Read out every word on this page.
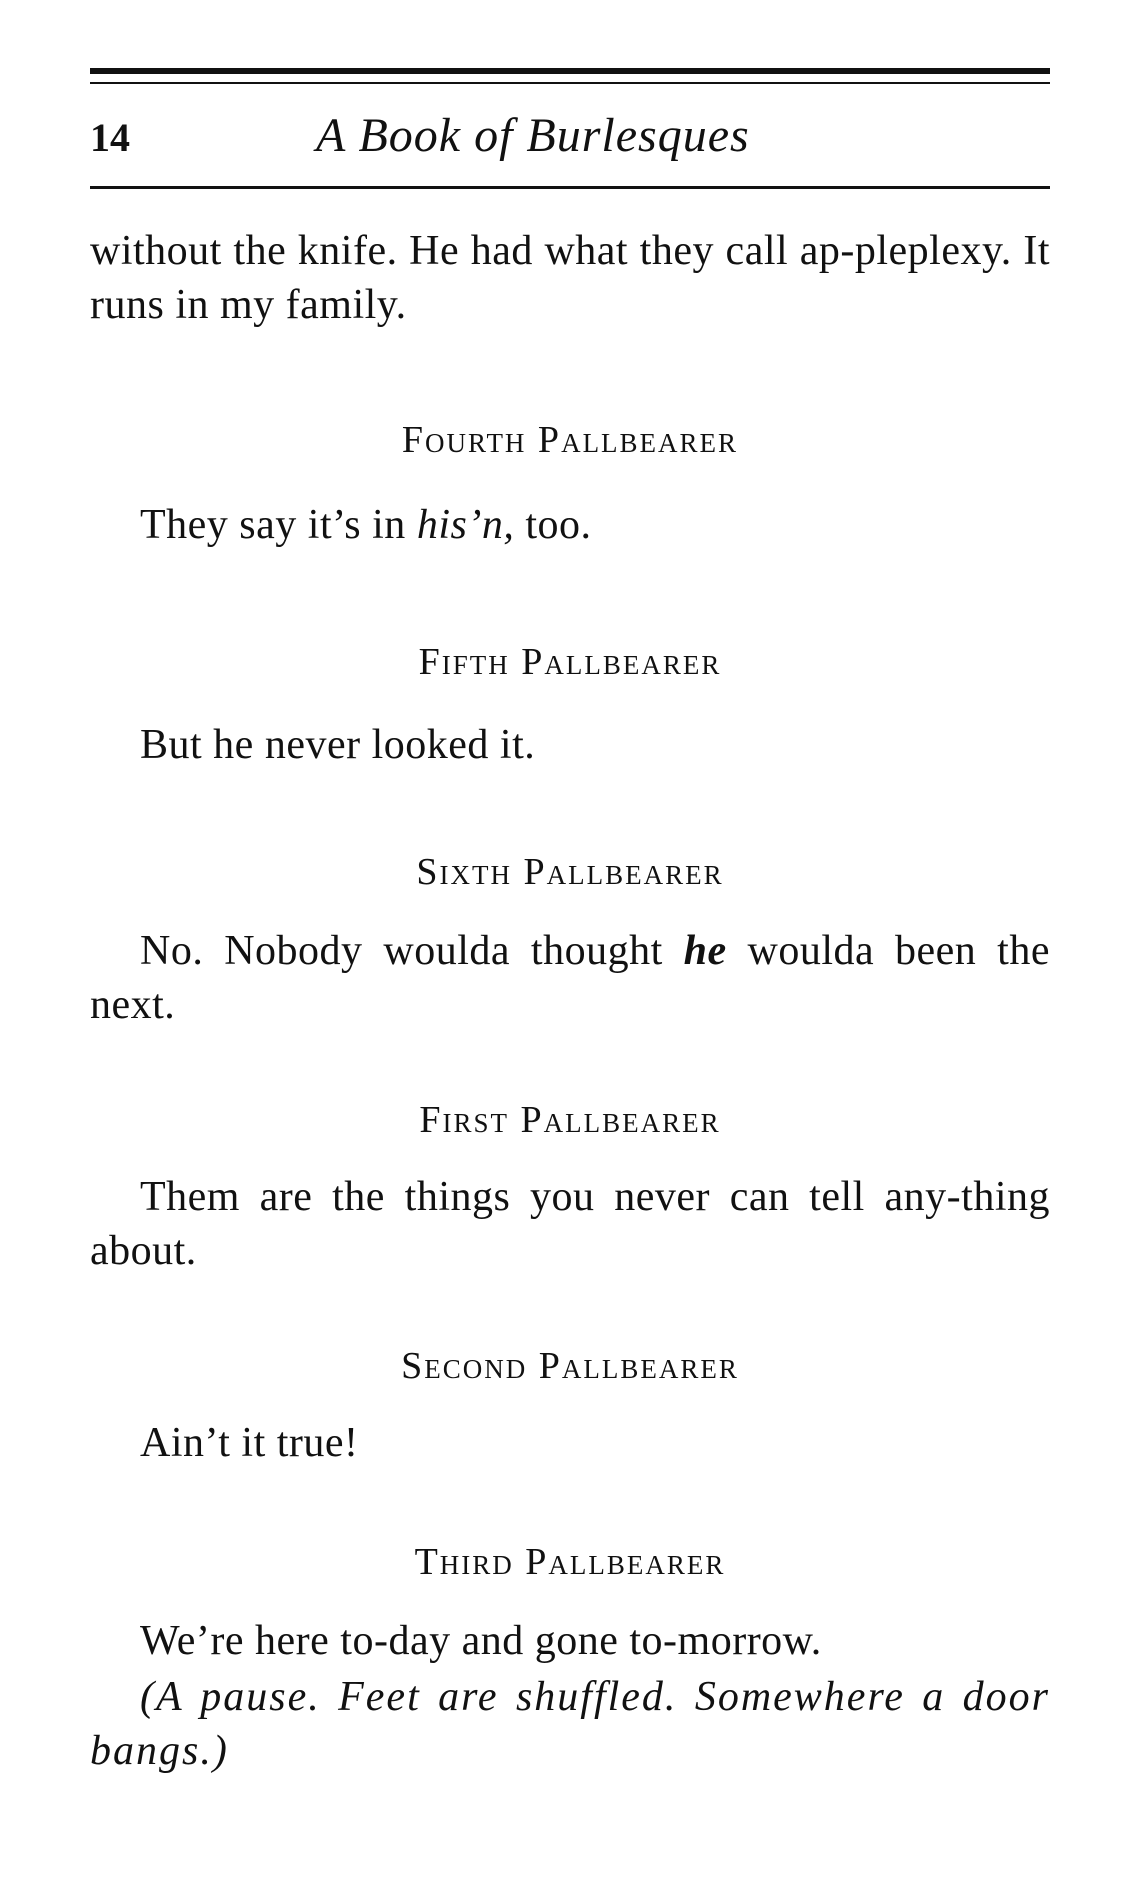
14	A Book of Burlesques
without the knife. He had what they call ap-pleplexy. It runs in my family.
Fourth Pallbearer
They say it’s in his’n, too.
Fifth Pallbearer
But he never looked it.
Sixth Pallbearer
No. Nobody woulda thought he woulda been the next.
First Pallbearer
Them are the things you never can tell any-thing about.
Second Pallbearer
Ain’t it true!
Third Pallbearer
We’re here to-day and gone to-morrow.
(A pause. Feet are shuffled. Somewhere a door bangs.)
